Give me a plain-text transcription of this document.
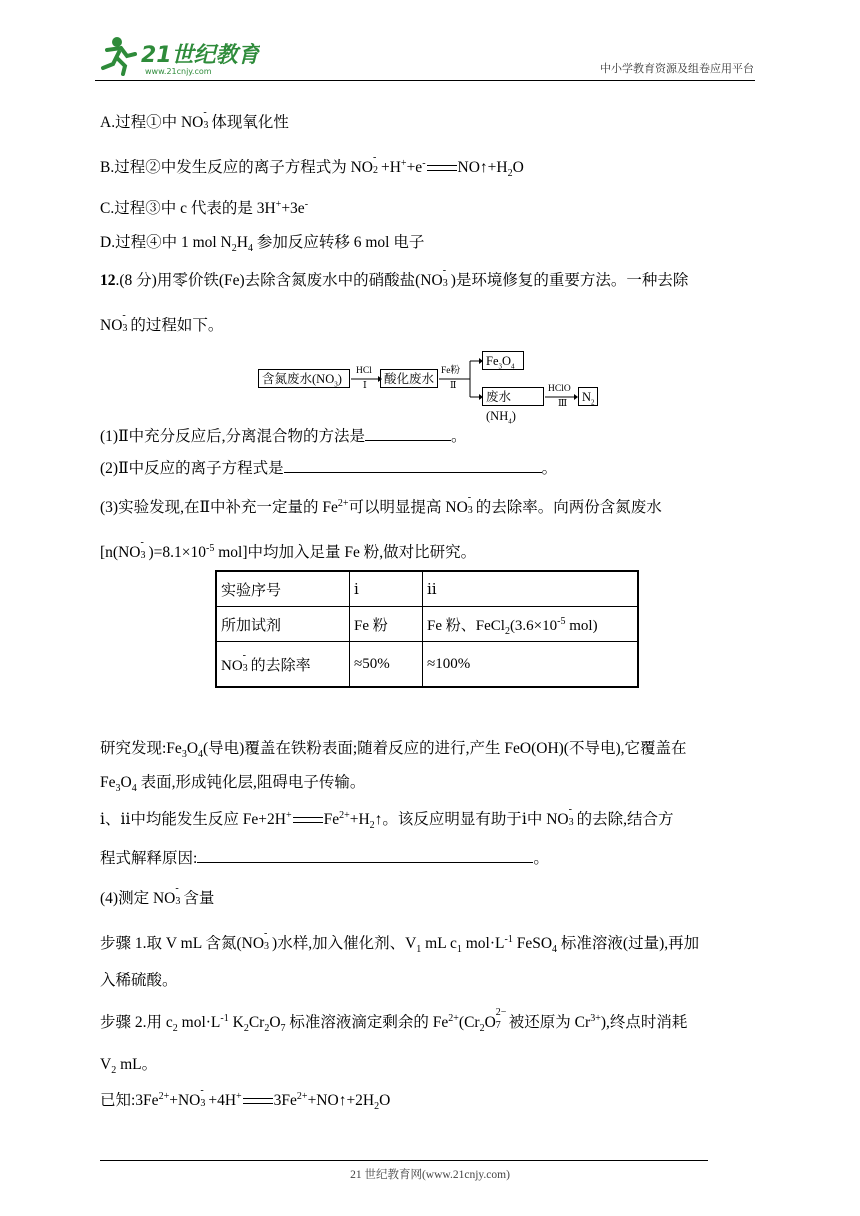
21世纪教育
www.21cnjy.com	中小学教育资源及组卷应用平台
A.过程①中 NO
-
3 体现氧化性
B.过程②中发生反应的离子方程式为 NO
-
2 +H++e- $NO↑+H_2O$
C.过程③中 c 代表的是 3H++3e-
D.过程④中 1 mol $N_2H_4$ 参加反应转移 6 mol 电子
12.(8 分)用零价铁(Fe)去除含氮废水中的硝酸盐(NO
-
3 )是环境修复的重要方法。一种去除
NO
-
3 的过程如下。
含氮废水$(NO_3)$	酸化废水
$Fe_3O_4$
废水$(NH_4)$
$N_2$
HCl
Ⅰ
Fe粉
Ⅱ	HClO
Ⅲ
(1)Ⅱ中充分反应后,分离混合物的方法是	。
(2)Ⅱ中反应的离子方程式是	。
(3)实验发现,在Ⅱ中补充一定量的 $Fe^{2+}$可以明显提高 NO
-
3 的去除率。向两份含氮废水
[n(NO
-
3 )$=8.1\times 10^{-5}$ mol]中均加入足量 Fe 粉,做对比研究。
实验序号	ⅰ	ⅱ
所加试剂	Fe 粉	Fe 粉、$FeCl_2(3.6\times 10^{-5}$ mol)
NO
-
3 的去除率	≈50%	≈100%
研究发现$:Fe_3O_4$(导电)覆盖在铁粉表面;随着反应的进行,产生 FeO(OH)(不导电),它覆盖在
$Fe_3O_4$ 表面,形成钝化层,阻碍电子传输。
ⅰ、ⅱ中均能发生反应 Fe+2H+ $Fe^{2+}+H_2↑$。该反应明显有助于ⅰ中 NO
-
3 的去除,结合方
程式解释原因:	。
(4)测定 NO
-
3 含量
步骤 1.取 V mL 含氮(NO
-
3 )水样,加入催化剂、$V_1$ mL $c_1$ $mol\cdot L^{-1}$ FeSO$_4$ 标准溶液(过量),再加
入稀硫酸。
步骤 2.用 $c_2$ $mol\cdot L^{-1}$ $K_2Cr_2O_7$ 标准溶液滴定剩余的 $Fe^{2+}(Cr_2O$
2−
7 被还原为 $Cr^{3+}$),终点时消耗
$V_2$ mL。
已知$:3Fe^{2+}+NO$
-
3 +4H+ $3Fe^{2+}+NO↑+2H_2O$
21 世纪教育网(www.21cnjy.com)
